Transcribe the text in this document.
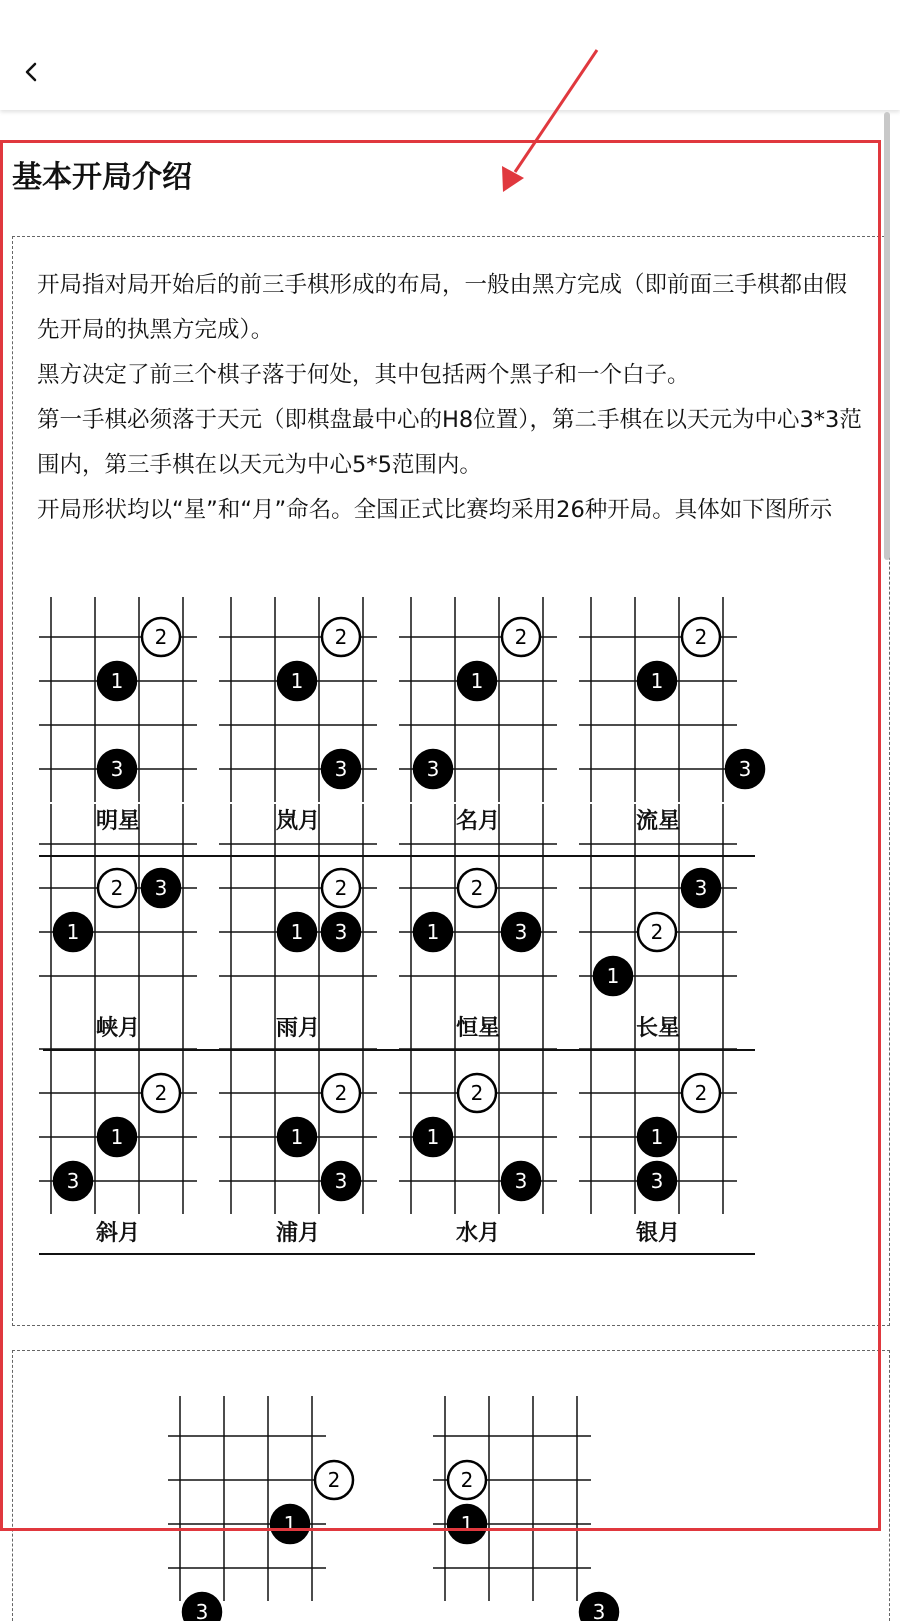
基本开局介绍

开局指对局开始后的前三手棋形成的布局，一般由黑方完成（即前面三手棋都由假先开局的执黑方完成）。

黑方决定了前三个棋子落于何处，其中包括两个黑子和一个白子。

第一手棋必须落于天元（即棋盘最中心的H8位置），第二手棋在以天元为中心3*3范围内，第三手棋在以天元为中心5*5范围内。

开局形状均以“星”和“月”命名。全国正式比赛均采用26种开局。具体如下图所示

1
2
3
明星
1
2
3
岚月
1
2
3
名月
1
2
3
流星
1
2 3
峡月
1
2
3
雨月
1
2
3
恒星
1
2
3
长星
1
2
3
斜月
1
2
3
浦月
1
2
3
水月
1
2
3
银月
1
2
3
1
2
3
